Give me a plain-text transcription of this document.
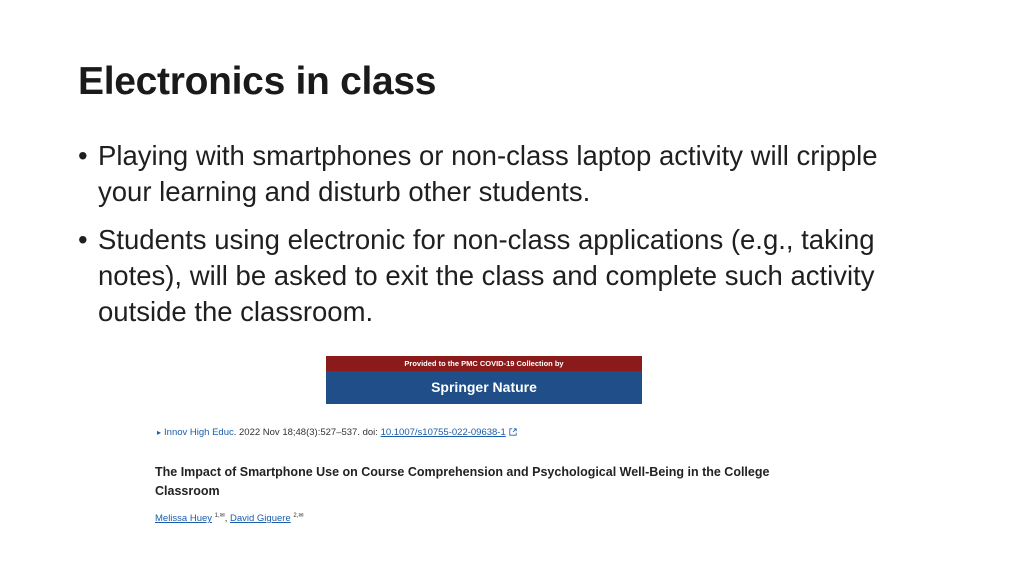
Electronics in class
• Playing with smartphones or non-class laptop activity will cripple your learning and disturb other students.
• Students using electronic for non-class applications (e.g., taking notes), will be asked to exit the class and complete such activity outside the classroom.
Provided to the PMC COVID-19 Collection by
Springer Nature
▸ Innov High Educ. 2022 Nov 18;48(3):527–537. doi: 10.1007/s10755-022-09638-1
The Impact of Smartphone Use on Course Comprehension and Psychological Well-Being in the College Classroom
Melissa Huey $^{1,✉}$, David Giguere $^{2,✉}$
